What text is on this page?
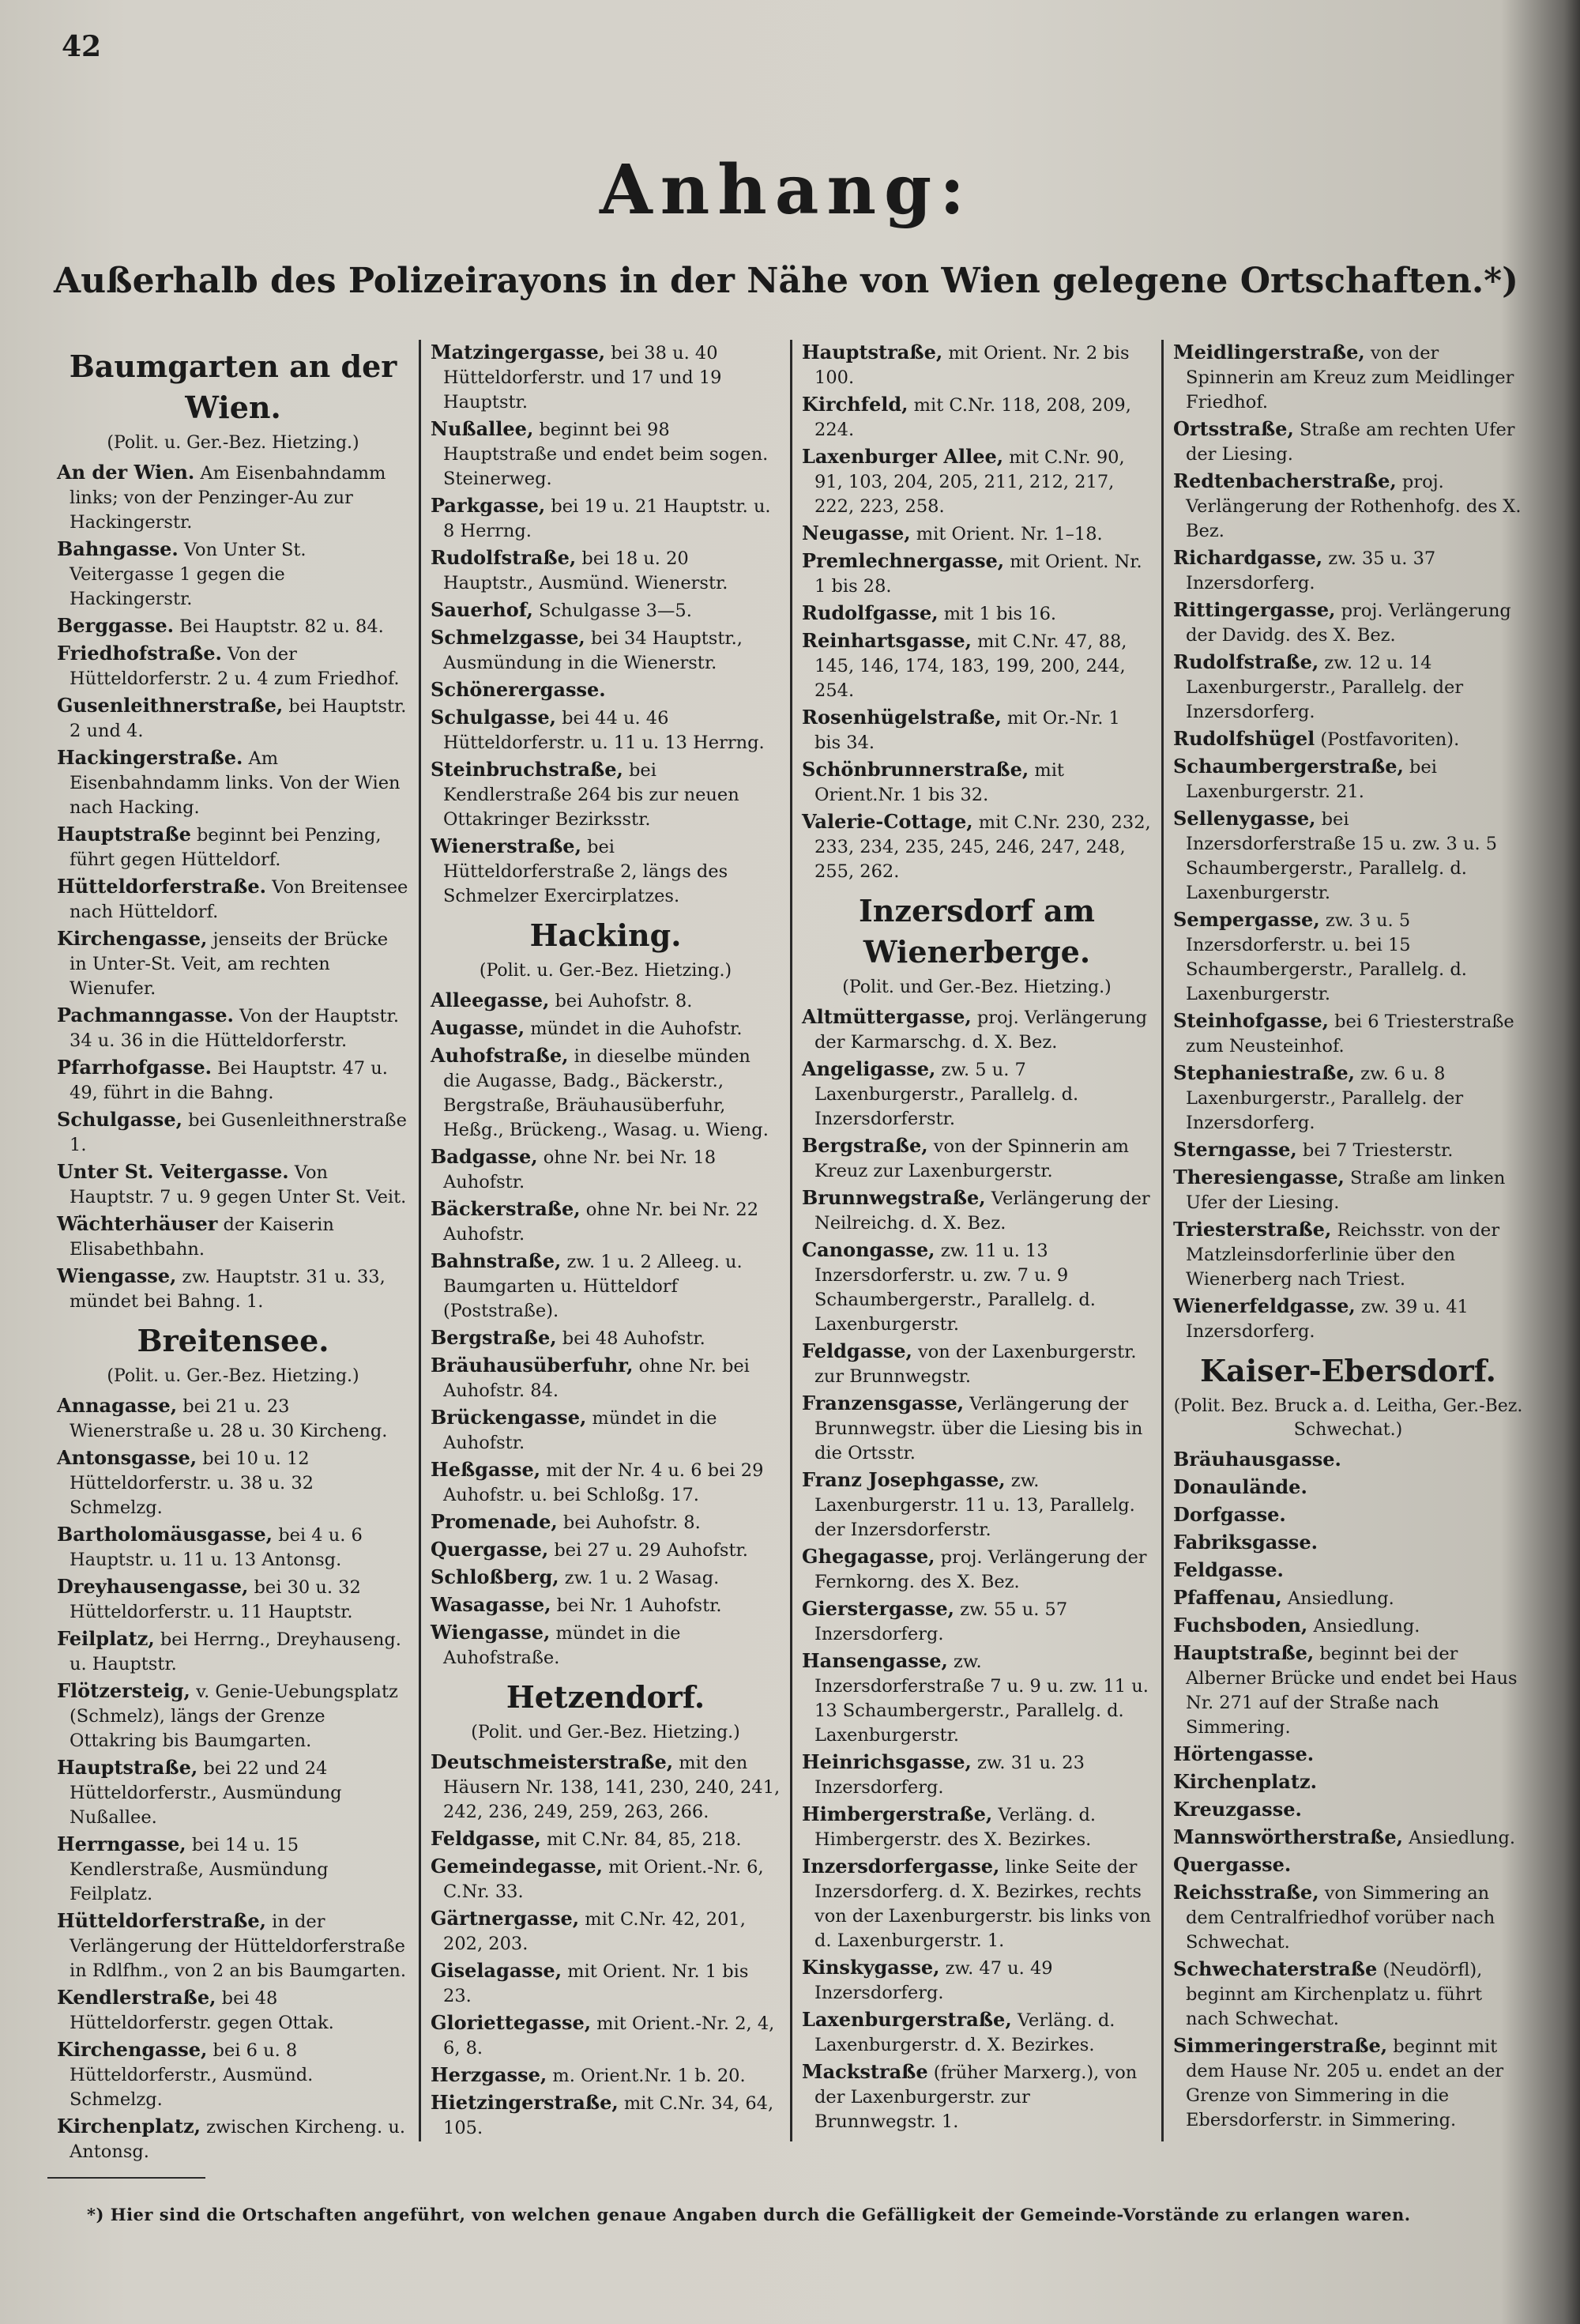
42
Anhang:
Außerhalb des Polizeirayons in der Nähe von Wien gelegene Ortschaften.*)
Baumgarten an der Wien.
(Polit. u. Ger.-Bez. Hietzing.)
An der Wien. Am Eisenbahndamm links; von der Penzinger-Au zur Hackingerstr.
Bahngasse. Von Unter St. Veitergasse 1 gegen die Hackingerstr.
Berggasse. Bei Hauptstr. 82 u. 84.
Friedhofstraße. Von der Hütteldorferstr. 2 u. 4 zum Friedhof.
Gusenleithnerstraße, bei Hauptstr. 2 und 4.
Hackingerstraße. Am Eisenbahndamm links. Von der Wien nach Hacking.
Hauptstraße beginnt bei Penzing, führt gegen Hütteldorf.
Hütteldorferstraße. Von Breitensee nach Hütteldorf.
Kirchengasse, jenseits der Brücke in Unter-St. Veit, am rechten Wienufer.
Pachmanngasse. Von der Hauptstr. 34 u. 36 in die Hütteldorferstr.
Pfarrhofgasse. Bei Hauptstr. 47 u. 49, führt in die Bahng.
Schulgasse, bei Gusenleithnerstraße 1.
Unter St. Veitergasse. Von Hauptstr. 7 u. 9 gegen Unter St. Veit.
Wächterhäuser der Kaiserin Elisabethbahn.
Wiengasse, zw. Hauptstr. 31 u. 33, mündet bei Bahng. 1.
Breitensee.
(Polit. u. Ger.-Bez. Hietzing.)
Annagasse, bei 21 u. 23 Wienerstraße u. 28 u. 30 Kircheng.
Antonsgasse, bei 10 u. 12 Hütteldorferstr. u. 38 u. 32 Schmelzg.
Bartholomäusgasse, bei 4 u. 6 Hauptstr. u. 11 u. 13 Antonsg.
Dreyhausengasse, bei 30 u. 32 Hütteldorferstr. u. 11 Hauptstr.
Feilplatz, bei Herrng., Dreyhauseng. u. Hauptstr.
Flötzersteig, v. Genie-Uebungsplatz (Schmelz), längs der Grenze Ottakring bis Baumgarten.
Hauptstraße, bei 22 und 24 Hütteldorferstr., Ausmündung Nußallee.
Herrngasse, bei 14 u. 15 Kendlerstraße, Ausmündung Feilplatz.
Hütteldorferstraße, in der Verlängerung der Hütteldorferstraße in Rdlfhm., von 2 an bis Baumgarten.
Kendlerstraße, bei 48 Hütteldorferstr. gegen Ottak.
Kirchengasse, bei 6 u. 8 Hütteldorferstr., Ausmünd. Schmelzg.
Kirchenplatz, zwischen Kircheng. u. Antonsg.
Matzingergasse, bei 38 u. 40 Hütteldorferstr. und 17 und 19 Hauptstr.
Nußallee, beginnt bei 98 Hauptstraße und endet beim sogen. Steinerweg.
Parkgasse, bei 19 u. 21 Hauptstr. u. 8 Herrng.
Rudolfstraße, bei 18 u. 20 Hauptstr., Ausmünd. Wienerstr.
Sauerhof, Schulgasse 3—5.
Schmelzgasse, bei 34 Hauptstr., Ausmündung in die Wienerstr.
Schönerergasse.
Schulgasse, bei 44 u. 46 Hütteldorferstr. u. 11 u. 13 Herrng.
Steinbruchstraße, bei Kendlerstraße 264 bis zur neuen Ottakringer Bezirksstr.
Wienerstraße, bei Hütteldorferstraße 2, längs des Schmelzer Exercirplatzes.
Hacking.
(Polit. u. Ger.-Bez. Hietzing.)
Alleegasse, bei Auhofstr. 8.
Augasse, mündet in die Auhofstr.
Auhofstraße, in dieselbe münden die Augasse, Badg., Bäckerstr., Bergstraße, Bräuhausüberfuhr, Heßg., Brückeng., Wasag. u. Wieng.
Badgasse, ohne Nr. bei Nr. 18 Auhofstr.
Bäckerstraße, ohne Nr. bei Nr. 22 Auhofstr.
Bahnstraße, zw. 1 u. 2 Alleeg. u. Baumgarten u. Hütteldorf (Poststraße).
Bergstraße, bei 48 Auhofstr.
Bräuhausüberfuhr, ohne Nr. bei Auhofstr. 84.
Brückengasse, mündet in die Auhofstr.
Heßgasse, mit der Nr. 4 u. 6 bei 29 Auhofstr. u. bei Schloßg. 17.
Promenade, bei Auhofstr. 8.
Quergasse, bei 27 u. 29 Auhofstr.
Schloßberg, zw. 1 u. 2 Wasag.
Wasagasse, bei Nr. 1 Auhofstr.
Wiengasse, mündet in die Auhofstraße.
Hetzendorf.
(Polit. und Ger.-Bez. Hietzing.)
Deutschmeisterstraße, mit den Häusern Nr. 138, 141, 230, 240, 241, 242, 236, 249, 259, 263, 266.
Feldgasse, mit C.Nr. 84, 85, 218.
Gemeindegasse, mit Orient.-Nr. 6, C.Nr. 33.
Gärtnergasse, mit C.Nr. 42, 201, 202, 203.
Giselagasse, mit Orient. Nr. 1 bis 23.
Gloriettegasse, mit Orient.-Nr. 2, 4, 6, 8.
Herzgasse, m. Orient.Nr. 1 b. 20.
Hietzingerstraße, mit C.Nr. 34, 64, 105.
Hauptstraße, mit Orient. Nr. 2 bis 100.
Kirchfeld, mit C.Nr. 118, 208, 209, 224.
Laxenburger Allee, mit C.Nr. 90, 91, 103, 204, 205, 211, 212, 217, 222, 223, 258.
Neugasse, mit Orient. Nr. 1–18.
Premlechnergasse, mit Orient. Nr. 1 bis 28.
Rudolfgasse, mit 1 bis 16.
Reinhartsgasse, mit C.Nr. 47, 88, 145, 146, 174, 183, 199, 200, 244, 254.
Rosenhügelstraße, mit Or.-Nr. 1 bis 34.
Schönbrunnerstraße, mit Orient.Nr. 1 bis 32.
Valerie-Cottage, mit C.Nr. 230, 232, 233, 234, 235, 245, 246, 247, 248, 255, 262.
Inzersdorf am Wienerberge.
(Polit. und Ger.-Bez. Hietzing.)
Altmüttergasse, proj. Verlängerung der Karmarschg. d. X. Bez.
Angeligasse, zw. 5 u. 7 Laxenburgerstr., Parallelg. d. Inzersdorferstr.
Bergstraße, von der Spinnerin am Kreuz zur Laxenburgerstr.
Brunnwegstraße, Verlängerung der Neilreichg. d. X. Bez.
Canongasse, zw. 11 u. 13 Inzersdorferstr. u. zw. 7 u. 9 Schaumbergerstr., Parallelg. d. Laxenburgerstr.
Feldgasse, von der Laxenburgerstr. zur Brunnwegstr.
Franzensgasse, Verlängerung der Brunnwegstr. über die Liesing bis in die Ortsstr.
Franz Josephgasse, zw. Laxenburgerstr. 11 u. 13, Parallelg. der Inzersdorferstr.
Ghegagasse, proj. Verlängerung der Fernkorng. des X. Bez.
Gierstergasse, zw. 55 u. 57 Inzersdorferg.
Hansengasse, zw. Inzersdorferstraße 7 u. 9 u. zw. 11 u. 13 Schaumbergerstr., Parallelg. d. Laxenburgerstr.
Heinrichsgasse, zw. 31 u. 23 Inzersdorferg.
Himbergerstraße, Verläng. d. Himbergerstr. des X. Bezirkes.
Inzersdorfergasse, linke Seite der Inzersdorferg. d. X. Bezirkes, rechts von der Laxenburgerstr. bis links von d. Laxenburgerstr. 1.
Kinskygasse, zw. 47 u. 49 Inzersdorferg.
Laxenburgerstraße, Verläng. d. Laxenburgerstr. d. X. Bezirkes.
Mackstraße (früher Marxerg.), von der Laxenburgerstr. zur Brunnwegstr. 1.
Meidlingerstraße, von der Spinnerin am Kreuz zum Meidlinger Friedhof.
Ortsstraße, Straße am rechten Ufer der Liesing.
Redtenbacherstraße, proj. Verlängerung der Rothenhofg. des X. Bez.
Richardgasse, zw. 35 u. 37 Inzersdorferg.
Rittingergasse, proj. Verlängerung der Davidg. des X. Bez.
Rudolfstraße, zw. 12 u. 14 Laxenburgerstr., Parallelg. der Inzersdorferg.
Rudolfshügel (Postfavoriten).
Schaumbergerstraße, bei Laxenburgerstr. 21.
Sellenygasse, bei Inzersdorferstraße 15 u. zw. 3 u. 5 Schaumbergerstr., Parallelg. d. Laxenburgerstr.
Sempergasse, zw. 3 u. 5 Inzersdorferstr. u. bei 15 Schaumbergerstr., Parallelg. d. Laxenburgerstr.
Steinhofgasse, bei 6 Triesterstraße zum Neusteinhof.
Stephaniestraße, zw. 6 u. 8 Laxenburgerstr., Parallelg. der Inzersdorferg.
Sterngasse, bei 7 Triesterstr.
Theresiengasse, Straße am linken Ufer der Liesing.
Triesterstraße, Reichsstr. von der Matzleinsdorferlinie über den Wienerberg nach Triest.
Wienerfeldgasse, zw. 39 u. 41 Inzersdorferg.
Kaiser-Ebersdorf.
(Polit. Bez. Bruck a. d. Leitha, Ger.-Bez. Schwechat.)
Bräuhausgasse.
Donaulände.
Dorfgasse.
Fabriksgasse.
Feldgasse.
Pfaffenau, Ansiedlung.
Fuchsboden, Ansiedlung.
Hauptstraße, beginnt bei der Alberner Brücke und endet bei Haus Nr. 271 auf der Straße nach Simmering.
Hörtengasse.
Kirchenplatz.
Kreuzgasse.
Mannswörtherstraße, Ansiedlung.
Quergasse.
Reichsstraße, von Simmering an dem Centralfriedhof vorüber nach Schwechat.
Schwechaterstraße (Neudörfl), beginnt am Kirchenplatz u. führt nach Schwechat.
Simmeringerstraße, beginnt mit dem Hause Nr. 205 u. endet an der Grenze von Simmering in die Ebersdorferstr. in Simmering.
*) Hier sind die Ortschaften angeführt, von welchen genaue Angaben durch die Gefälligkeit der Gemeinde-Vorstände zu erlangen waren.
